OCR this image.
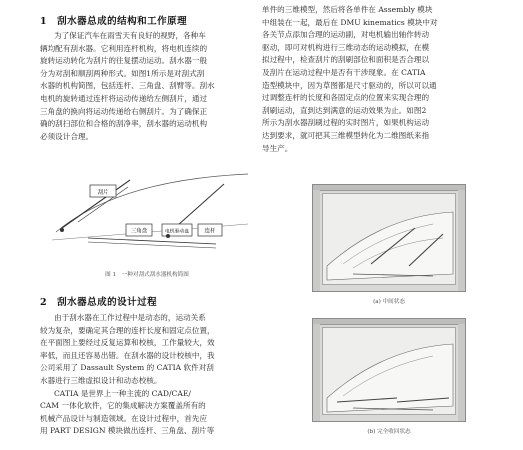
1　刮水器总成的结构和工作原理
为了保证汽车在雨雪天有良好的视野，各种车
辆均配有刮水器。它利用连杆机构，将电机连续的
旋转运动转化为刮片的往复摆动运动。刮水器一般
分为对刮和顺刮两种形式。如图1所示是对刮式刮
水器的机构简图，包括连杆、三角盘、刮臂等。刮水
电机的旋转通过连杆将运动传递给左侧刮片，通过
三角盘的换向将运动传递给右侧刮片。为了确保正
确的刮扫部位和合格的刮净率，刮水器的运动机构
必须设计合理。
刮片
三角盘	电机驱动盘	连杆
图 1　一种对刮式刮水器机构简图
2　刮水器总成的设计过程
由于刮水器在工作过程中是动态的，运动关系
较为复杂，要确定其合理的连杆长度和固定点位置，
在平面图上要经过反复运算和校核，工作量较大，效
率低，而且还容易出错。在刮水器的设计校核中，我
公司采用了 Dassault System 的 CATIA 软件对刮
水器进行三维虚拟设计和动态校核。
CATIA 是世界上一种主流的 CAD/CAE/
CAM 一体化软件，它的集成解决方案覆盖所有的
机械产品设计与制造领域。在设计过程中，首先应
用 PART DESIGN 模块做出连杆、三角盘、刮片等
单件的三维模型，然后将各单件在 Assembly 模块
中组装在一起，最后在 DMU kinematics 模块中对
各关节点添加合理的运动副，对电机输出轴作转动
驱动，即可对机构进行三维动态的运动模拟，在模
拟过程中，检查刮片的刮刷部位和面积是否合理以
及刮片在运动过程中是否有干涉现象。在 CATIA
造型模块中，因为草图都是尺寸驱动的，所以可以通
过调整连杆的长度和各固定点的位置来实现合理的
刮刷运动，直到达到满意的运动效果为止。如图2
所示为刮水器刮刷过程的实时图片，如果机构运动
达到要求，就可把其三维模型转化为二维图纸来指
导生产。
(a) 中间状态
(b) 完全收回状态
